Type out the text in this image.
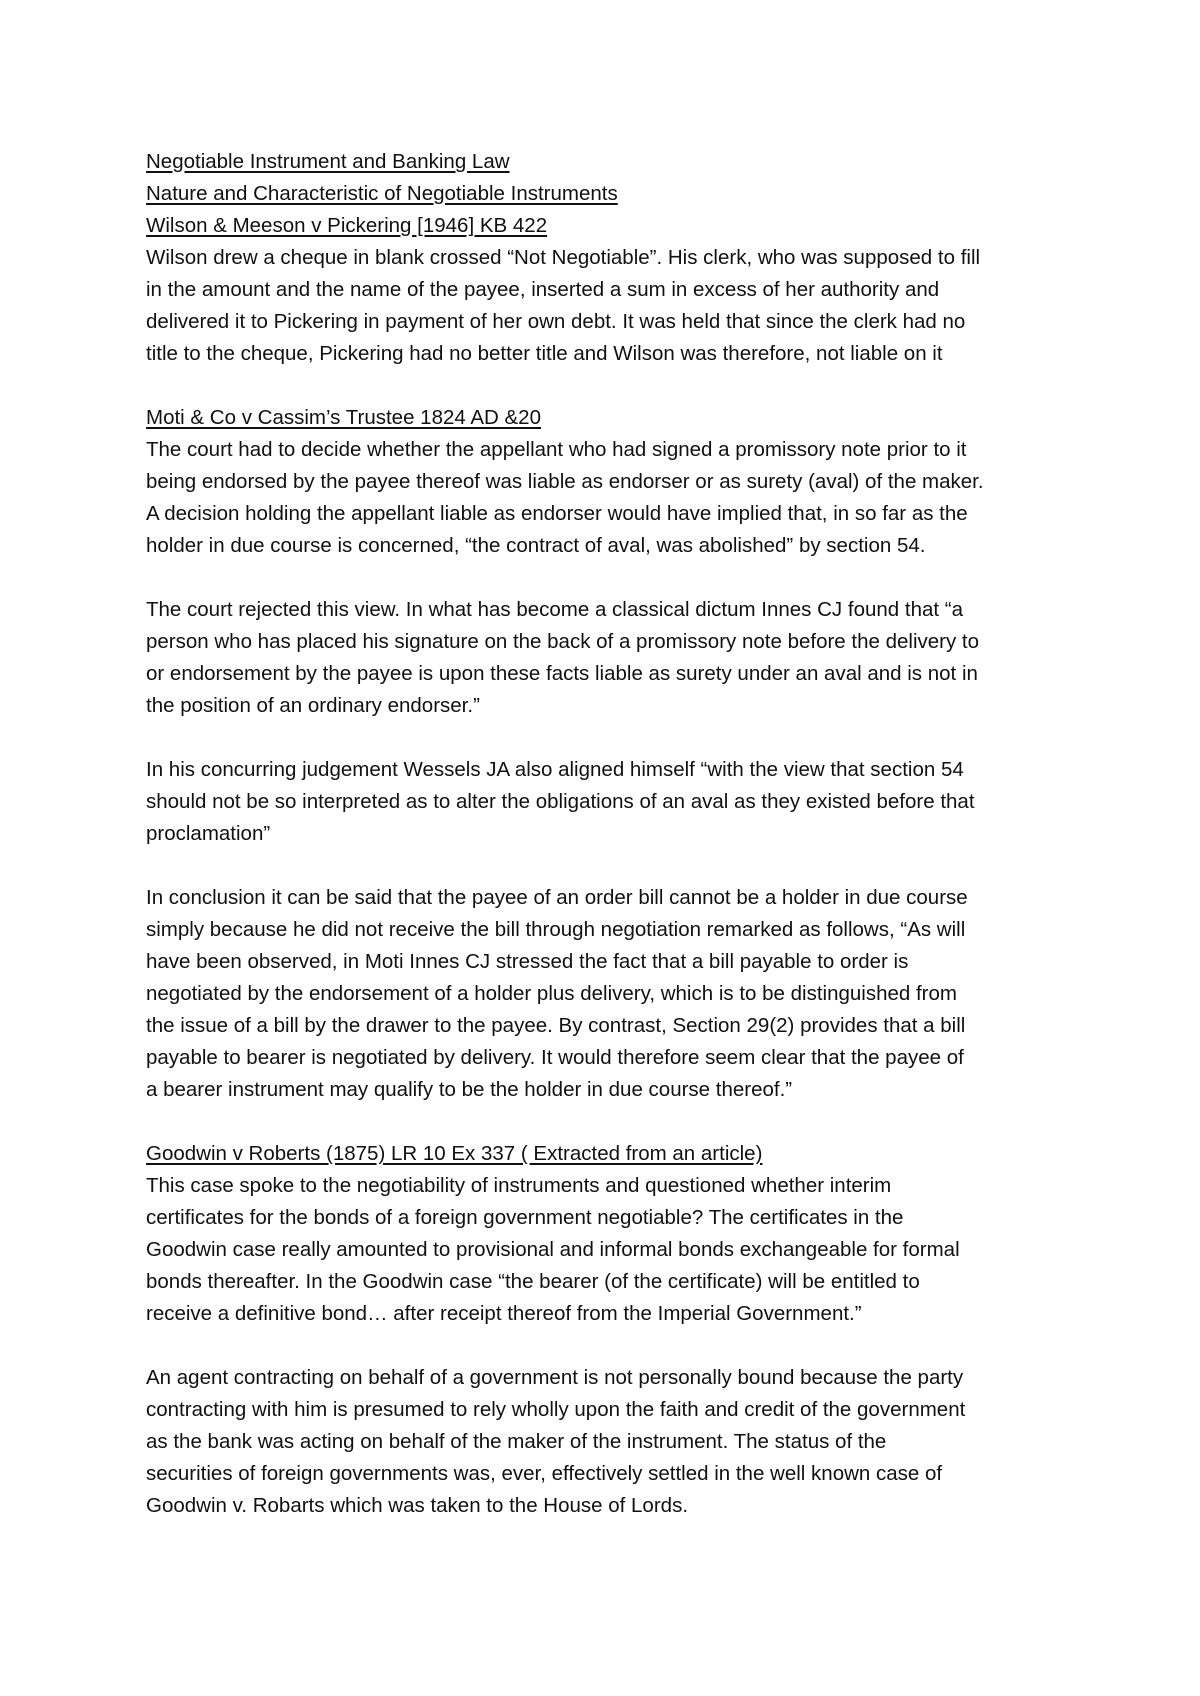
Negotiable Instrument and Banking Law
Nature and Characteristic of Negotiable Instruments
Wilson & Meeson v Pickering [1946] KB 422
Wilson drew a cheque in blank crossed “Not Negotiable”. His clerk, who was supposed to fill
in the amount and the name of the payee, inserted a sum in excess of her authority and
delivered it to Pickering in payment of her own debt. It was held that since the clerk had no
title to the cheque, Pickering had no better title and Wilson was therefore, not liable on it
Moti & Co v Cassim’s Trustee 1824 AD &20
The court had to decide whether the appellant who had signed a promissory note prior to it
being endorsed by the payee thereof was liable as endorser or as surety (aval) of the maker.
A decision holding the appellant liable as endorser would have implied that, in so far as the
holder in due course is concerned, “the contract of aval, was abolished” by section 54.
The court rejected this view. In what has become a classical dictum Innes CJ found that “a
person who has placed his signature on the back of a promissory note before the delivery to
or endorsement by the payee is upon these facts liable as surety under an aval and is not in
the position of an ordinary endorser.”
In his concurring judgement Wessels JA also aligned himself “with the view that section 54
should not be so interpreted as to alter the obligations of an aval as they existed before that
proclamation”
In conclusion it can be said that the payee of an order bill cannot be a holder in due course
simply because he did not receive the bill through negotiation remarked as follows, “As will
have been observed, in Moti Innes CJ stressed the fact that a bill payable to order is
negotiated by the endorsement of a holder plus delivery, which is to be distinguished from
the issue of a bill by the drawer to the payee. By contrast, Section 29(2) provides that a bill
payable to bearer is negotiated by delivery. It would therefore seem clear that the payee of
a bearer instrument may qualify to be the holder in due course thereof.”
Goodwin v Roberts (1875) LR 10 Ex 337 ( Extracted from an article)
This case spoke to the negotiability of instruments and questioned whether interim
certificates for the bonds of a foreign government negotiable? The certificates in the
Goodwin case really amounted to provisional and informal bonds exchangeable for formal
bonds thereafter. In the Goodwin case “the bearer (of the certificate) will be entitled to
receive a definitive bond… after receipt thereof from the Imperial Government.”
An agent contracting on behalf of a government is not personally bound because the party
contracting with him is presumed to rely wholly upon the faith and credit of the government
as the bank was acting on behalf of the maker of the instrument. The status of the
securities of foreign governments was, ever, effectively settled in the well known case of
Goodwin v. Robarts which was taken to the House of Lords.
